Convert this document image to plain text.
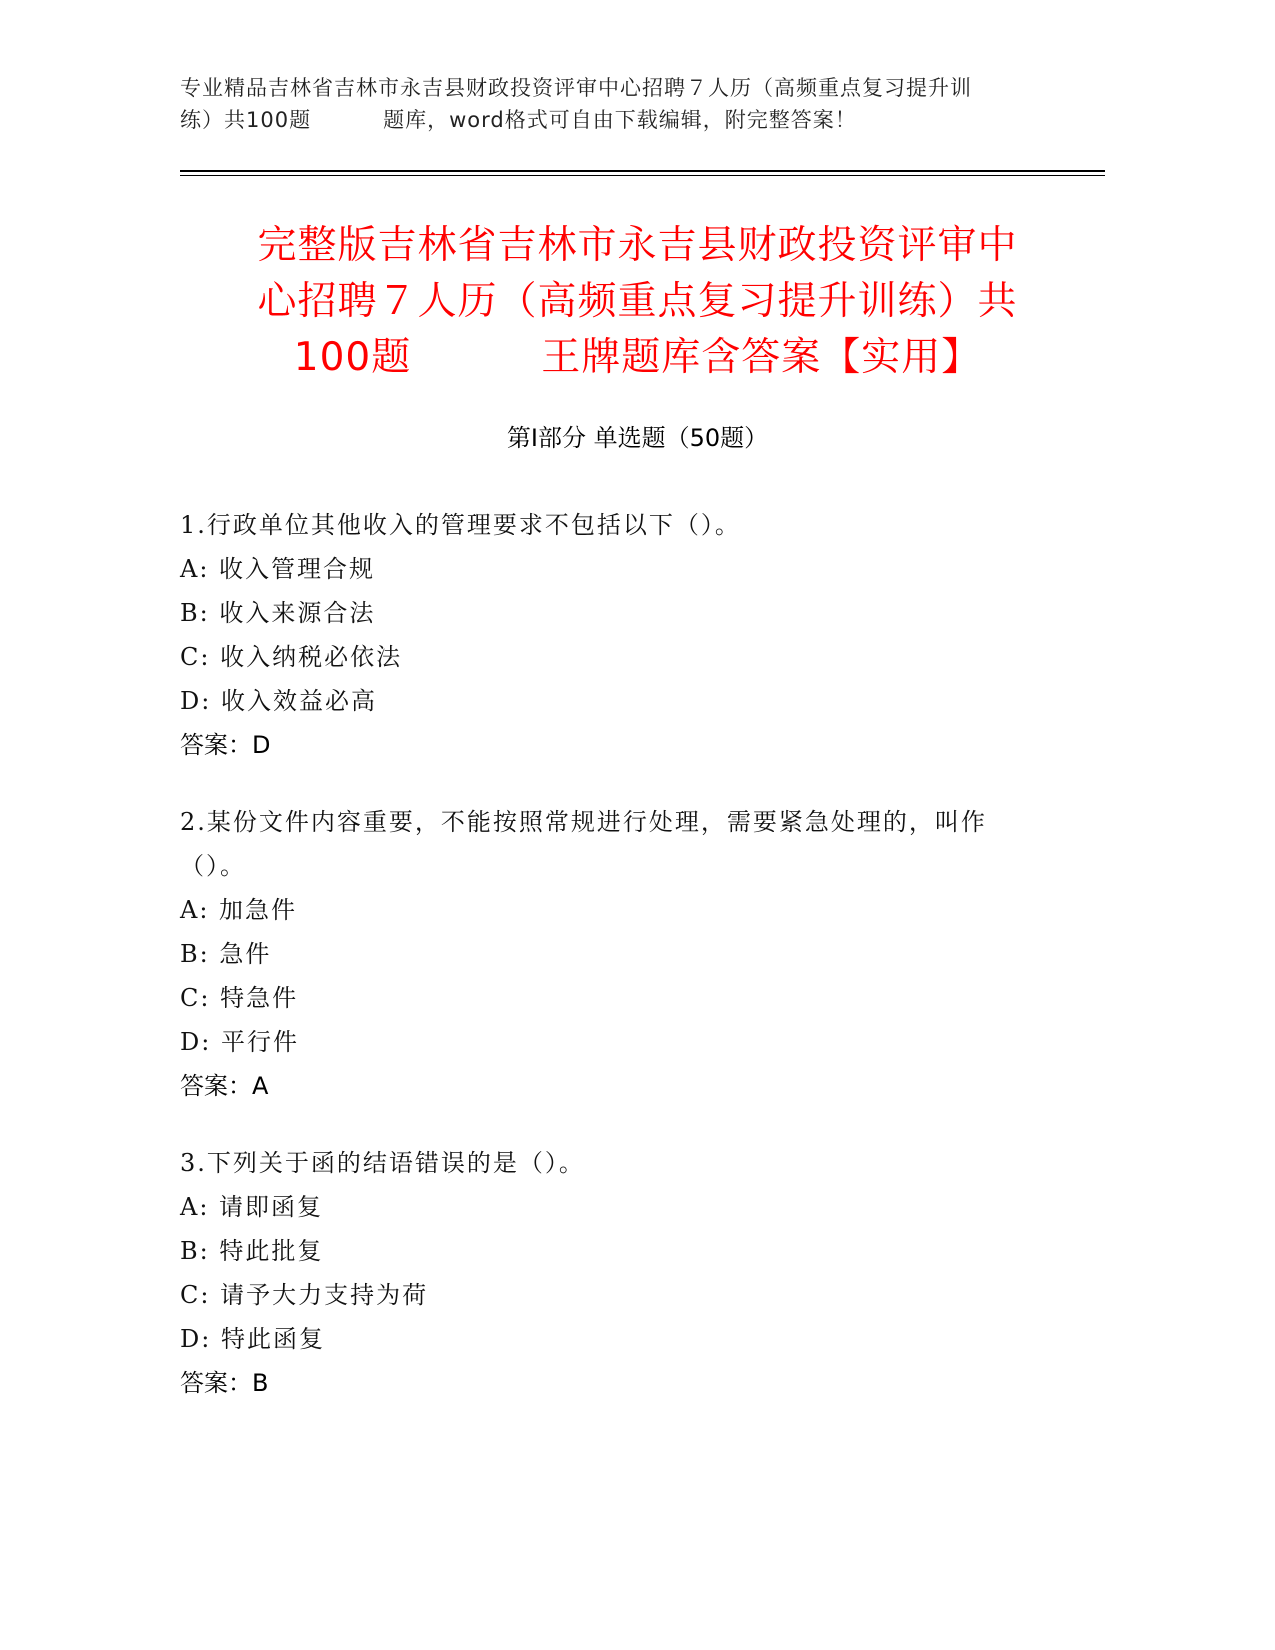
专业精品吉林省吉林市永吉县财政投资评审中心招聘７人历（高频重点复习提升训
练）共100题	题库，word格式可自由下载编辑，附完整答案！
完整版吉林省吉林市永吉县财政投资评审中
心招聘７人历（高频重点复习提升训练）共
100题	王牌题库含答案【实用】
第Ⅰ部分 单选题（50题）
1.行政单位其他收入的管理要求不包括以下（）。
A: 收入管理合规
B: 收入来源合法
C: 收入纳税必依法
D: 收入效益必高
答案：D
2.某份文件内容重要，不能按照常规进行处理，需要紧急处理的，叫作（）。
A: 加急件
B: 急件
C: 特急件
D: 平行件
答案：A
3.下列关于函的结语错误的是（）。
A: 请即函复
B: 特此批复
C: 请予大力支持为荷
D: 特此函复
答案：B
